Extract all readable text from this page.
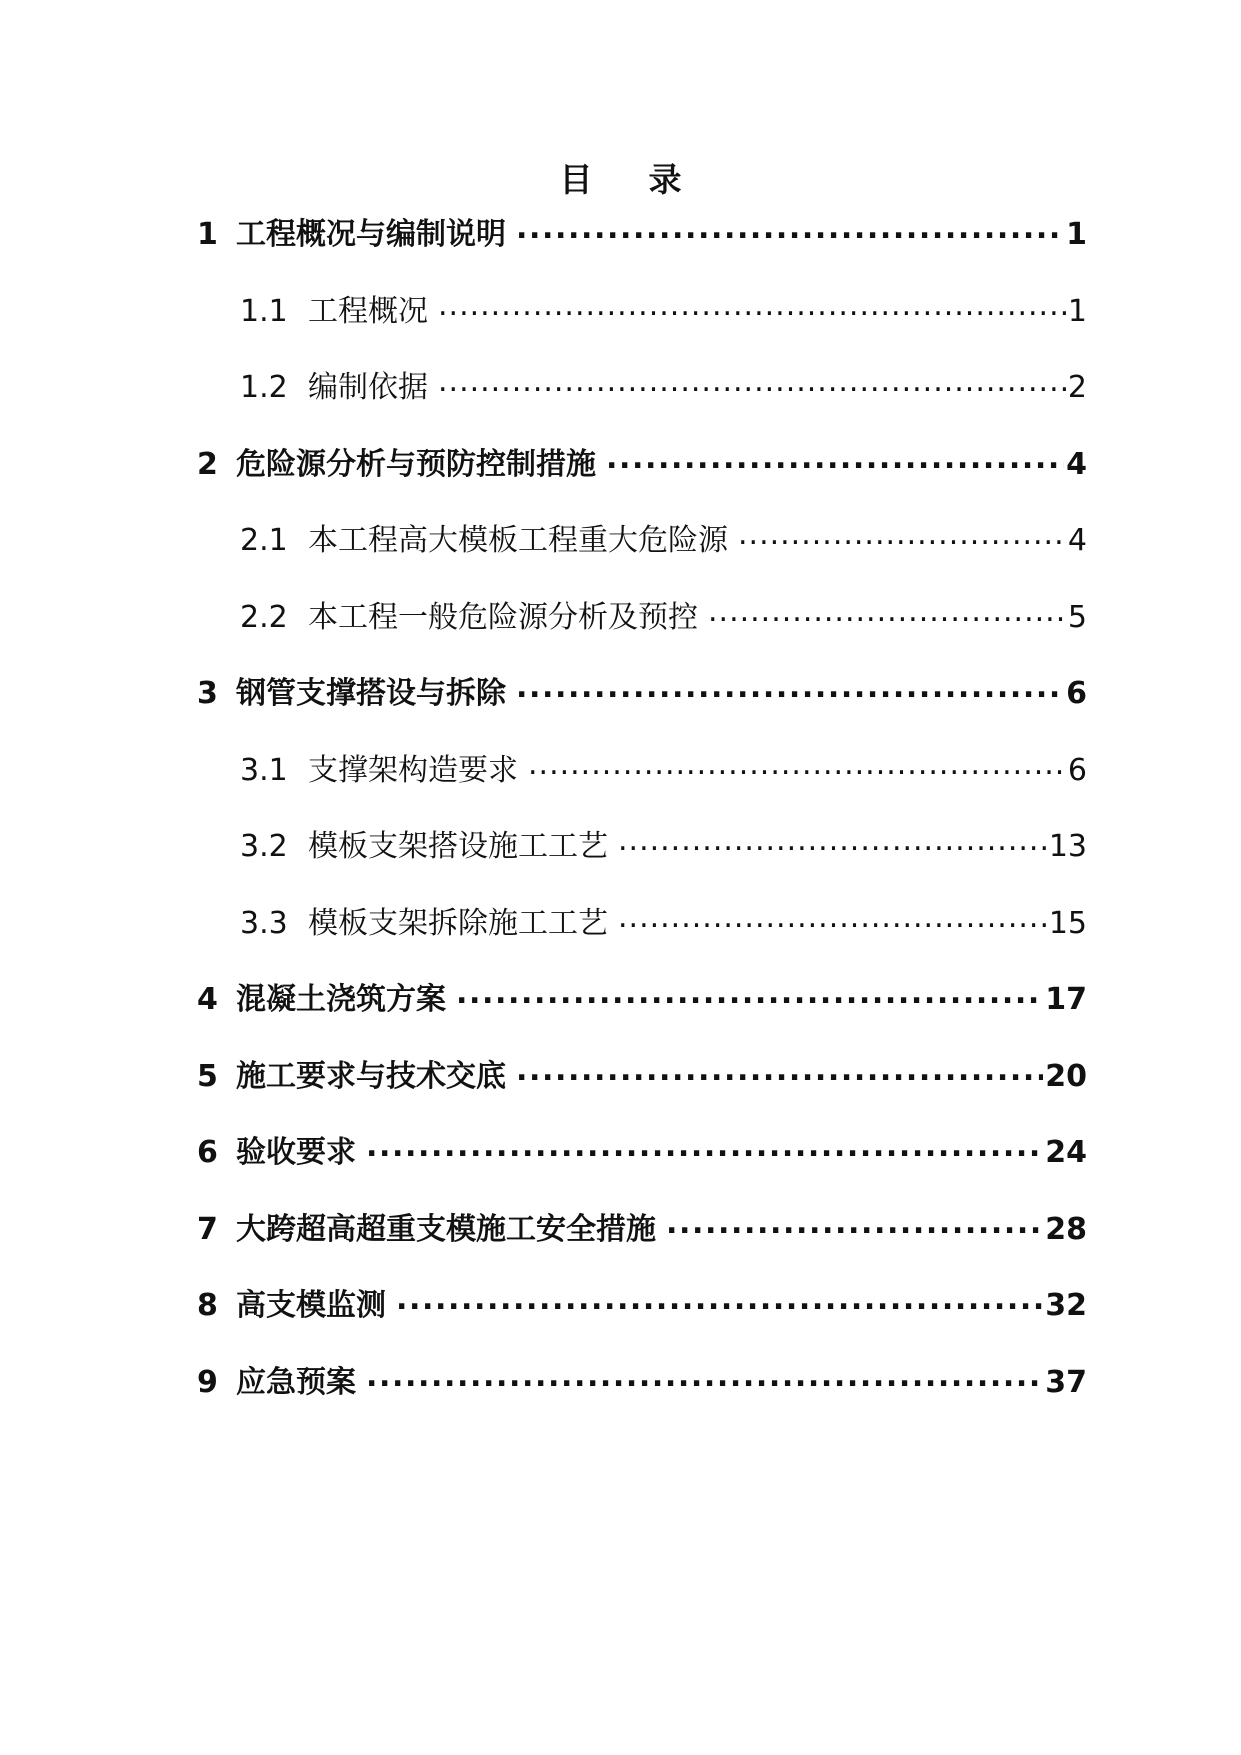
目 录
1 工程概况与编制说明 .....	1
1.1 工程概况 .....	1
1.2 编制依据 .....	2
2 危险源分析与预防控制措施 .....	4
2.1 本工程高大模板工程重大危险源 .....	4
2.2 本工程一般危险源分析及预控 .....	5
3 钢管支撑搭设与拆除 .....	6
3.1 支撑架构造要求 .....	6
3.2 模板支架搭设施工工艺 .....	13
3.3 模板支架拆除施工工艺 .....	15
4 混凝土浇筑方案 .....	17
5 施工要求与技术交底 .....	20
6 验收要求 .....	24
7 大跨超高超重支模施工安全措施 .....	28
8 高支模监测 .....	32
9 应急预案 .....	37
